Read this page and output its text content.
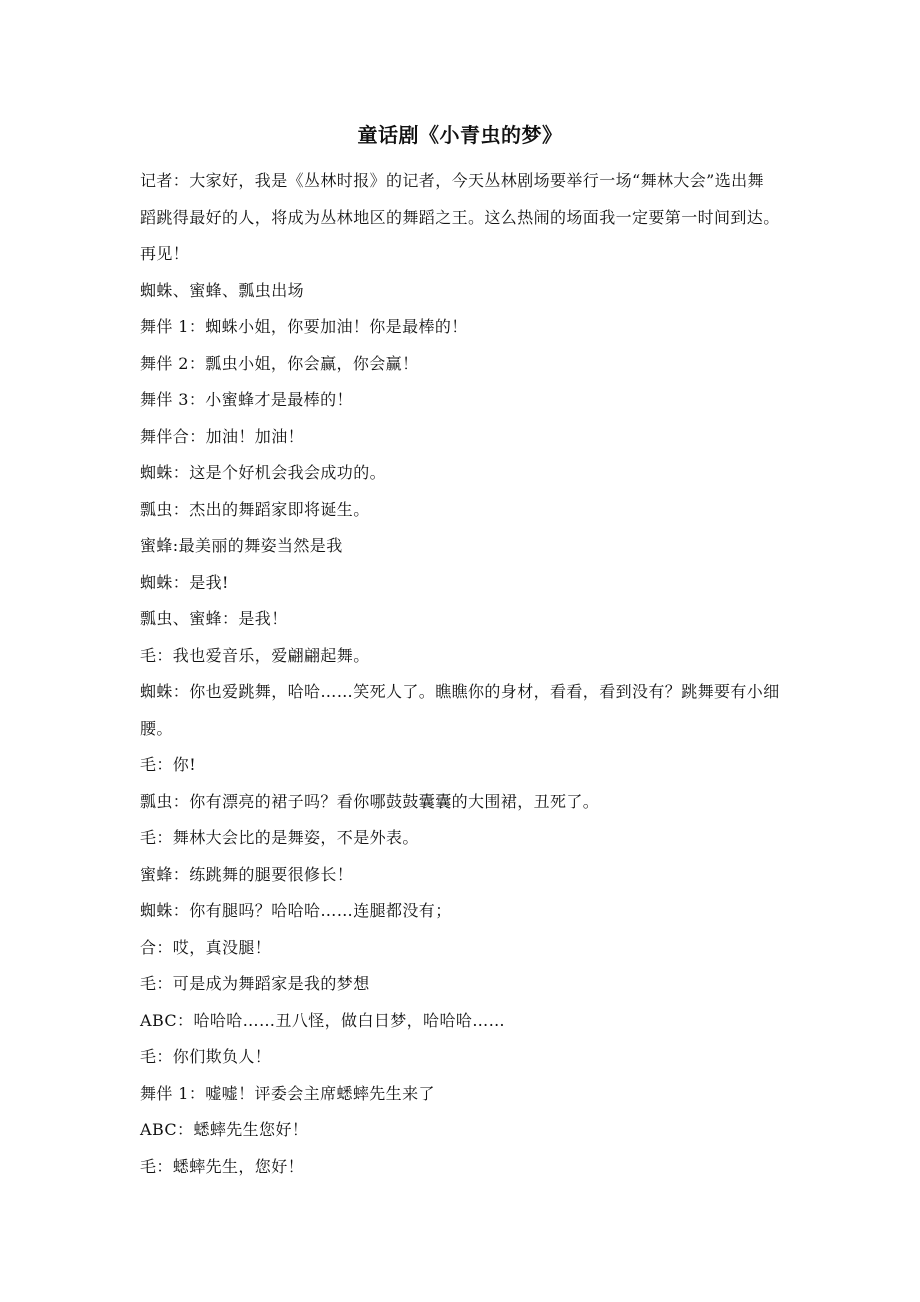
童话剧《小青虫的梦》

记者：大家好，我是《丛林时报》的记者，今天丛林剧场要举行一场“舞林大会”选出舞蹈跳得最好的人，将成为丛林地区的舞蹈之王。这么热闹的场面我一定要第一时间到达。再见！

蜘蛛、蜜蜂、瓢虫出场

舞伴 1：蜘蛛小姐，你要加油！你是最棒的！

舞伴 2：瓢虫小姐，你会赢，你会赢！

舞伴 3：小蜜蜂才是最棒的！

舞伴合：加油！加油！

蜘蛛：这是个好机会我会成功的。

瓢虫：杰出的舞蹈家即将诞生。

蜜蜂:最美丽的舞姿当然是我

蜘蛛：是我!

瓢虫、蜜蜂：是我！

毛：我也爱音乐，爱翩翩起舞。

蜘蛛：你也爱跳舞，哈哈……笑死人了。瞧瞧你的身材，看看，看到没有？跳舞要有小细腰。

毛：你!

瓢虫：你有漂亮的裙子吗？看你哪鼓鼓囊囊的大围裙，丑死了。

毛：舞林大会比的是舞姿，不是外表。

蜜蜂：练跳舞的腿要很修长！

蜘蛛：你有腿吗？哈哈哈……连腿都没有；

合：哎，真没腿！

毛：可是成为舞蹈家是我的梦想

ABC：哈哈哈……丑八怪，做白日梦，哈哈哈……

毛：你们欺负人！

舞伴 1：嘘嘘！评委会主席蟋蟀先生来了

ABC：蟋蟀先生您好！

毛：蟋蟀先生，您好！
